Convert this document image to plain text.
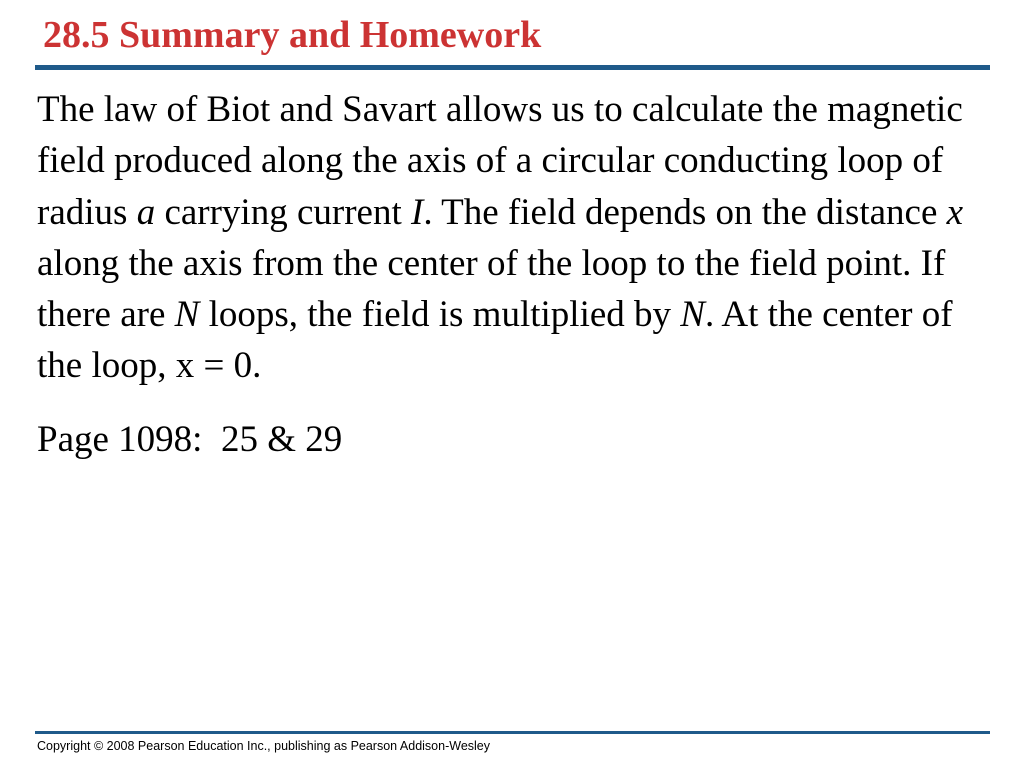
28.5 Summary and Homework

The law of Biot and Savart allows us to calculate the magnetic field produced along the axis of a circular conducting loop of radius a carrying current I. The field depends on the distance x along the axis from the center of the loop to the field point. If there are N loops, the field is multiplied by N. At the center of the loop, x = 0.

Page 1098:  25 & 29

Copyright © 2008 Pearson Education Inc., publishing as Pearson Addison-Wesley
